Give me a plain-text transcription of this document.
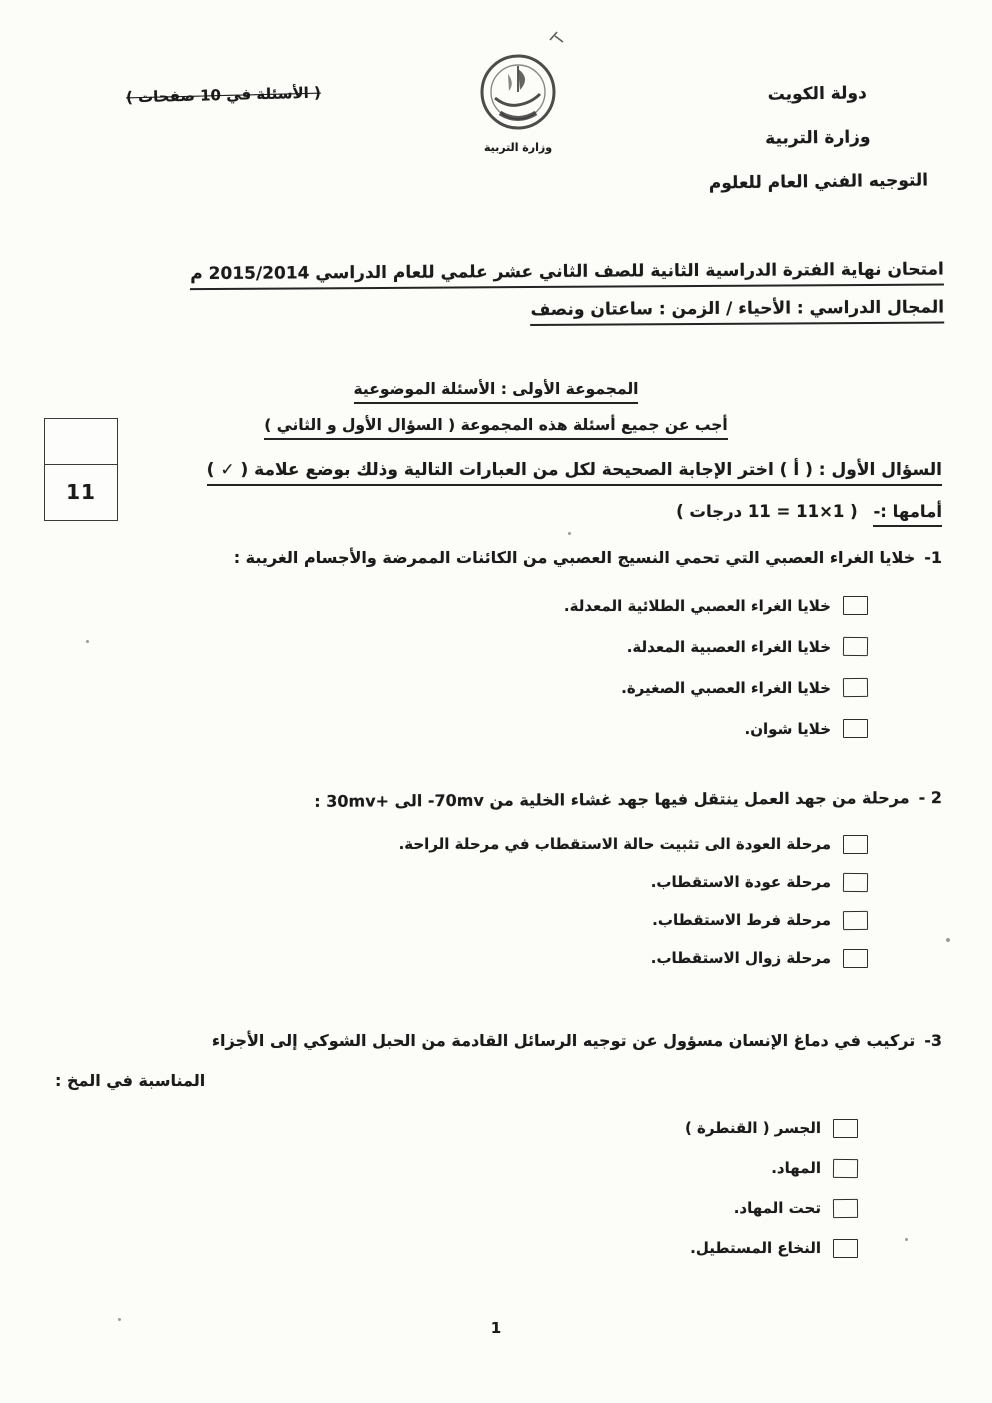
( الأسئلة في 10 صفحات )
وزارة التربية
دولة الكويت
وزارة التربية
التوجيه الفني العام للعلوم
امتحان نهاية الفترة الدراسية الثانية للصف الثاني عشر علمي للعام الدراسي 2015/2014 م
المجال الدراسي : الأحياء / الزمن : ساعتان ونصف
11
المجموعة الأولى : الأسئلة الموضوعية
أجب عن جميع أسئلة هذه المجموعة ( السؤال الأول و الثاني )
السؤال الأول : ( أ ) اختر الإجابة الصحيحة لكل من العبارات التالية وذلك بوضع علامة ( ✓ )
أمامها :- ( 1×11 = 11 درجات )
1-خلايا الغراء العصبي التي تحمي النسيج العصبي من الكائنات الممرضة والأجسام الغريبة :
خلايا الغراء العصبي الطلائية المعدلة.
خلايا الغراء العصبية المعدلة.
خلايا الغراء العصبي الصغيرة.
خلايا شوان.
2 -مرحلة من جهد العمل ينتقل فيها جهد غشاء الخلية من 70mv- الى +30mv :
مرحلة العودة الى تثبيت حالة الاستقطاب في مرحلة الراحة.
مرحلة عودة الاستقطاب.
مرحلة فرط الاستقطاب.
مرحلة زوال الاستقطاب.
3-تركيب في دماغ الإنسان مسؤول عن توجيه الرسائل القادمة من الحبل الشوكي إلى الأجزاء
المناسبة في المخ :
الجسر ( القنطرة )
المهاد.
تحت المهاد.
النخاع المستطيل.
1
